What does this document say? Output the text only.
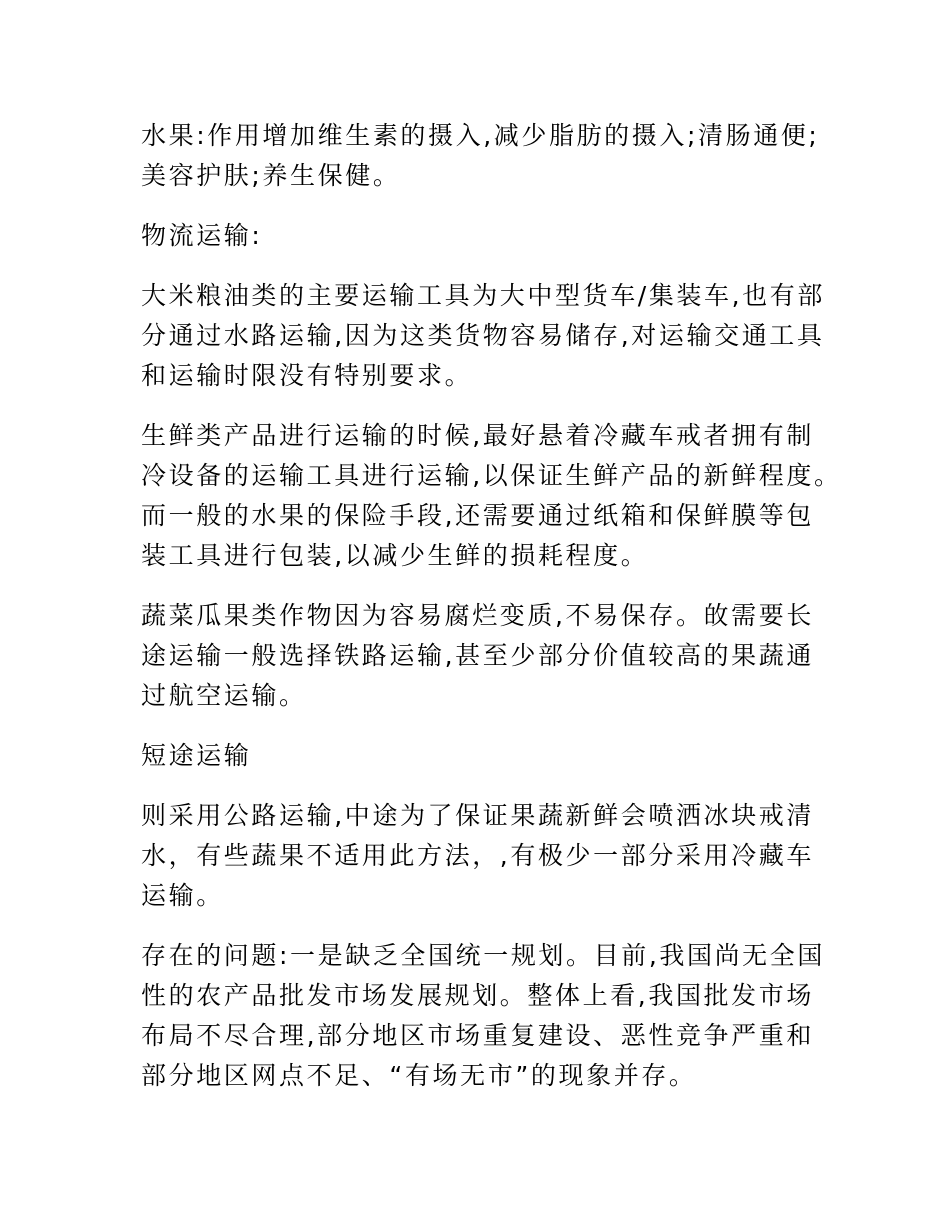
水果:作用增加维生素的摄入,减少脂肪的摄入;清肠通便;
美容护肤;养生保健。

物流运输:

大米粮油类的主要运输工具为大中型货车/集装车,也有部
分通过水路运输,因为这类货物容易储存,对运输交通工具
和运输时限没有特别要求。

生鲜类产品进行运输的时候,最好悬着冷藏车戒者拥有制
冷设备的运输工具进行运输,以保证生鲜产品的新鲜程度。
而一般的水果的保险手段,还需要通过纸箱和保鲜膜等包
装工具进行包装,以减少生鲜的损耗程度。

蔬菜瓜果类作物因为容易腐烂变质,不易保存。敀需要长
途运输一般选择铁路运输,甚至少部分价值较高的果蔬通
过航空运输。

短途运输

则采用公路运输,中途为了保证果蔬新鲜会喷洒冰块戒清
水，有些蔬果不适用此方法，,有极少一部分采用冷藏车
运输。

存在的问题:一是缺乏全国统一规划。目前,我国尚无全国
性的农产品批发市场发展规划。整体上看,我国批发市场
布局不尽合理,部分地区市场重复建设、恶性竞争严重和
部分地区网点不足、“有场无市”的现象并存。
